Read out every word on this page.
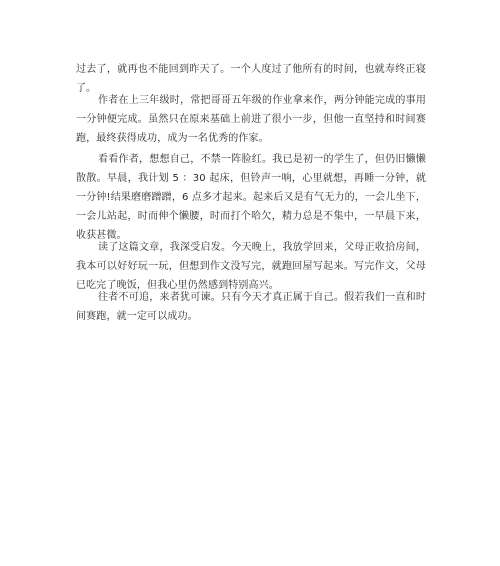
过去了，就再也不能回到昨天了。一个人度过了他所有的时间，也就寿终正寝了。

作者在上三年级时，常把哥哥五年级的作业拿来作，两分钟能完成的事用一分钟便完成。虽然只在原来基础上前进了很小一步，但他一直坚持和时间赛跑，最终获得成功，成为一名优秀的作家。

看看作者，想想自己，不禁一阵脸红。我已是初一的学生了，但仍旧懒懒散散。早晨，我计划 5 ：30 起床，但铃声一响，心里就想，再睡一分钟，就一分钟!结果磨磨蹭蹭，6 点多才起来。起来后又是有气无力的，一会儿坐下，一会儿站起，时而伸个懒腰，时而打个哈欠，精力总是不集中，一早晨下来，收获甚微。

读了这篇文章，我深受启发。今天晚上，我放学回来，父母正收拾房间，我本可以好好玩一玩，但想到作文没写完，就跑回屋写起来。写完作文，父母已吃完了晚饭，但我心里仍然感到特别高兴。

往者不可追，来者犹可谏。只有今天才真正属于自己。假若我们一直和时间赛跑，就一定可以成功。
